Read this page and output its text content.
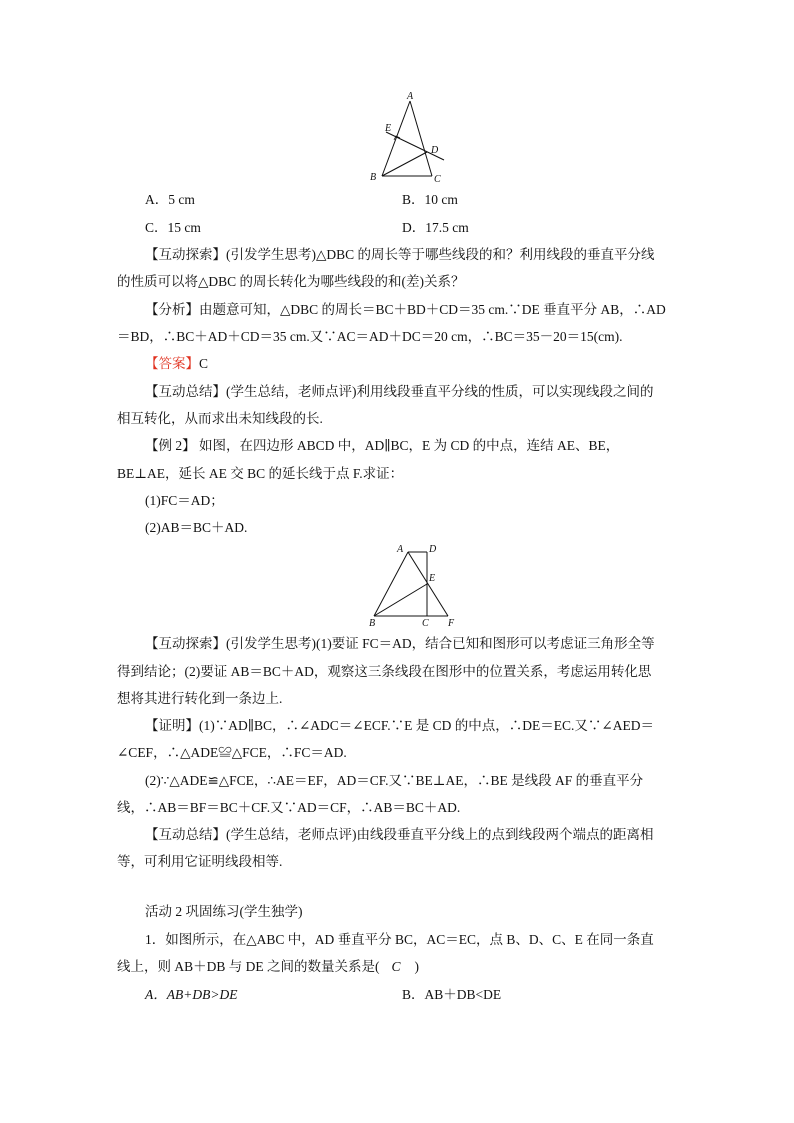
A
E
D
B	C
A．5 cm	B．10 cm
C．15 cm	D．17.5 cm
【互动探索】(引发学生思考)△DBC 的周长等于哪些线段的和？利用线段的垂直平分线
的性质可以将△DBC 的周长转化为哪些线段的和(差)关系？
【分析】由题意可知，△DBC 的周长＝BC＋BD＋CD＝35 cm.∵DE 垂直平分 AB，∴AD
＝BD，∴BC＋AD＋CD＝35 cm.又∵AC＝AD＋DC＝20 cm，∴BC＝35－20＝15(cm).
【答案】C
【互动总结】(学生总结，老师点评)利用线段垂直平分线的性质，可以实现线段之间的
相互转化，从而求出未知线段的长.
【例 2】 如图，在四边形 ABCD 中，AD∥BC，E 为 CD 的中点，连结 AE、BE，
BE⊥AE，延长 AE 交 BC 的延长线于点 F.求证：
(1)FC＝AD；
(2)AB＝BC＋AD.
A	D
E
B	C F
【互动探索】(引发学生思考)(1)要证 FC＝AD，结合已知和图形可以考虑证三角形全等
得到结论；(2)要证 AB＝BC＋AD，观察这三条线段在图形中的位置关系，考虑运用转化思
想将其进行转化到一条边上.
【证明】(1)∵AD∥BC，∴∠ADC＝∠ECF.∵E 是 CD 的中点，∴DE＝EC.又∵∠AED＝
∠CEF，∴△ADE≌△FCE，∴FC＝AD.
(2)∵△ADE≌△FCE，∴AE＝EF，AD＝CF.又∵BE⊥AE，∴BE 是线段 AF 的垂直平分
线，∴AB＝BF＝BC＋CF.又∵AD＝CF，∴AB＝BC＋AD.
【互动总结】(学生总结，老师点评)由线段垂直平分线上的点到线段两个端点的距离相
等，可利用它证明线段相等.
活动 2 巩固练习(学生独学)
1．如图所示，在△ABC 中，AD 垂直平分 BC，AC＝EC，点 B、D、C、E 在同一条直
线上，则 AB＋DB 与 DE 之间的数量关系是( C )
A．AB+DB>DE	B．AB＋DB<DE
